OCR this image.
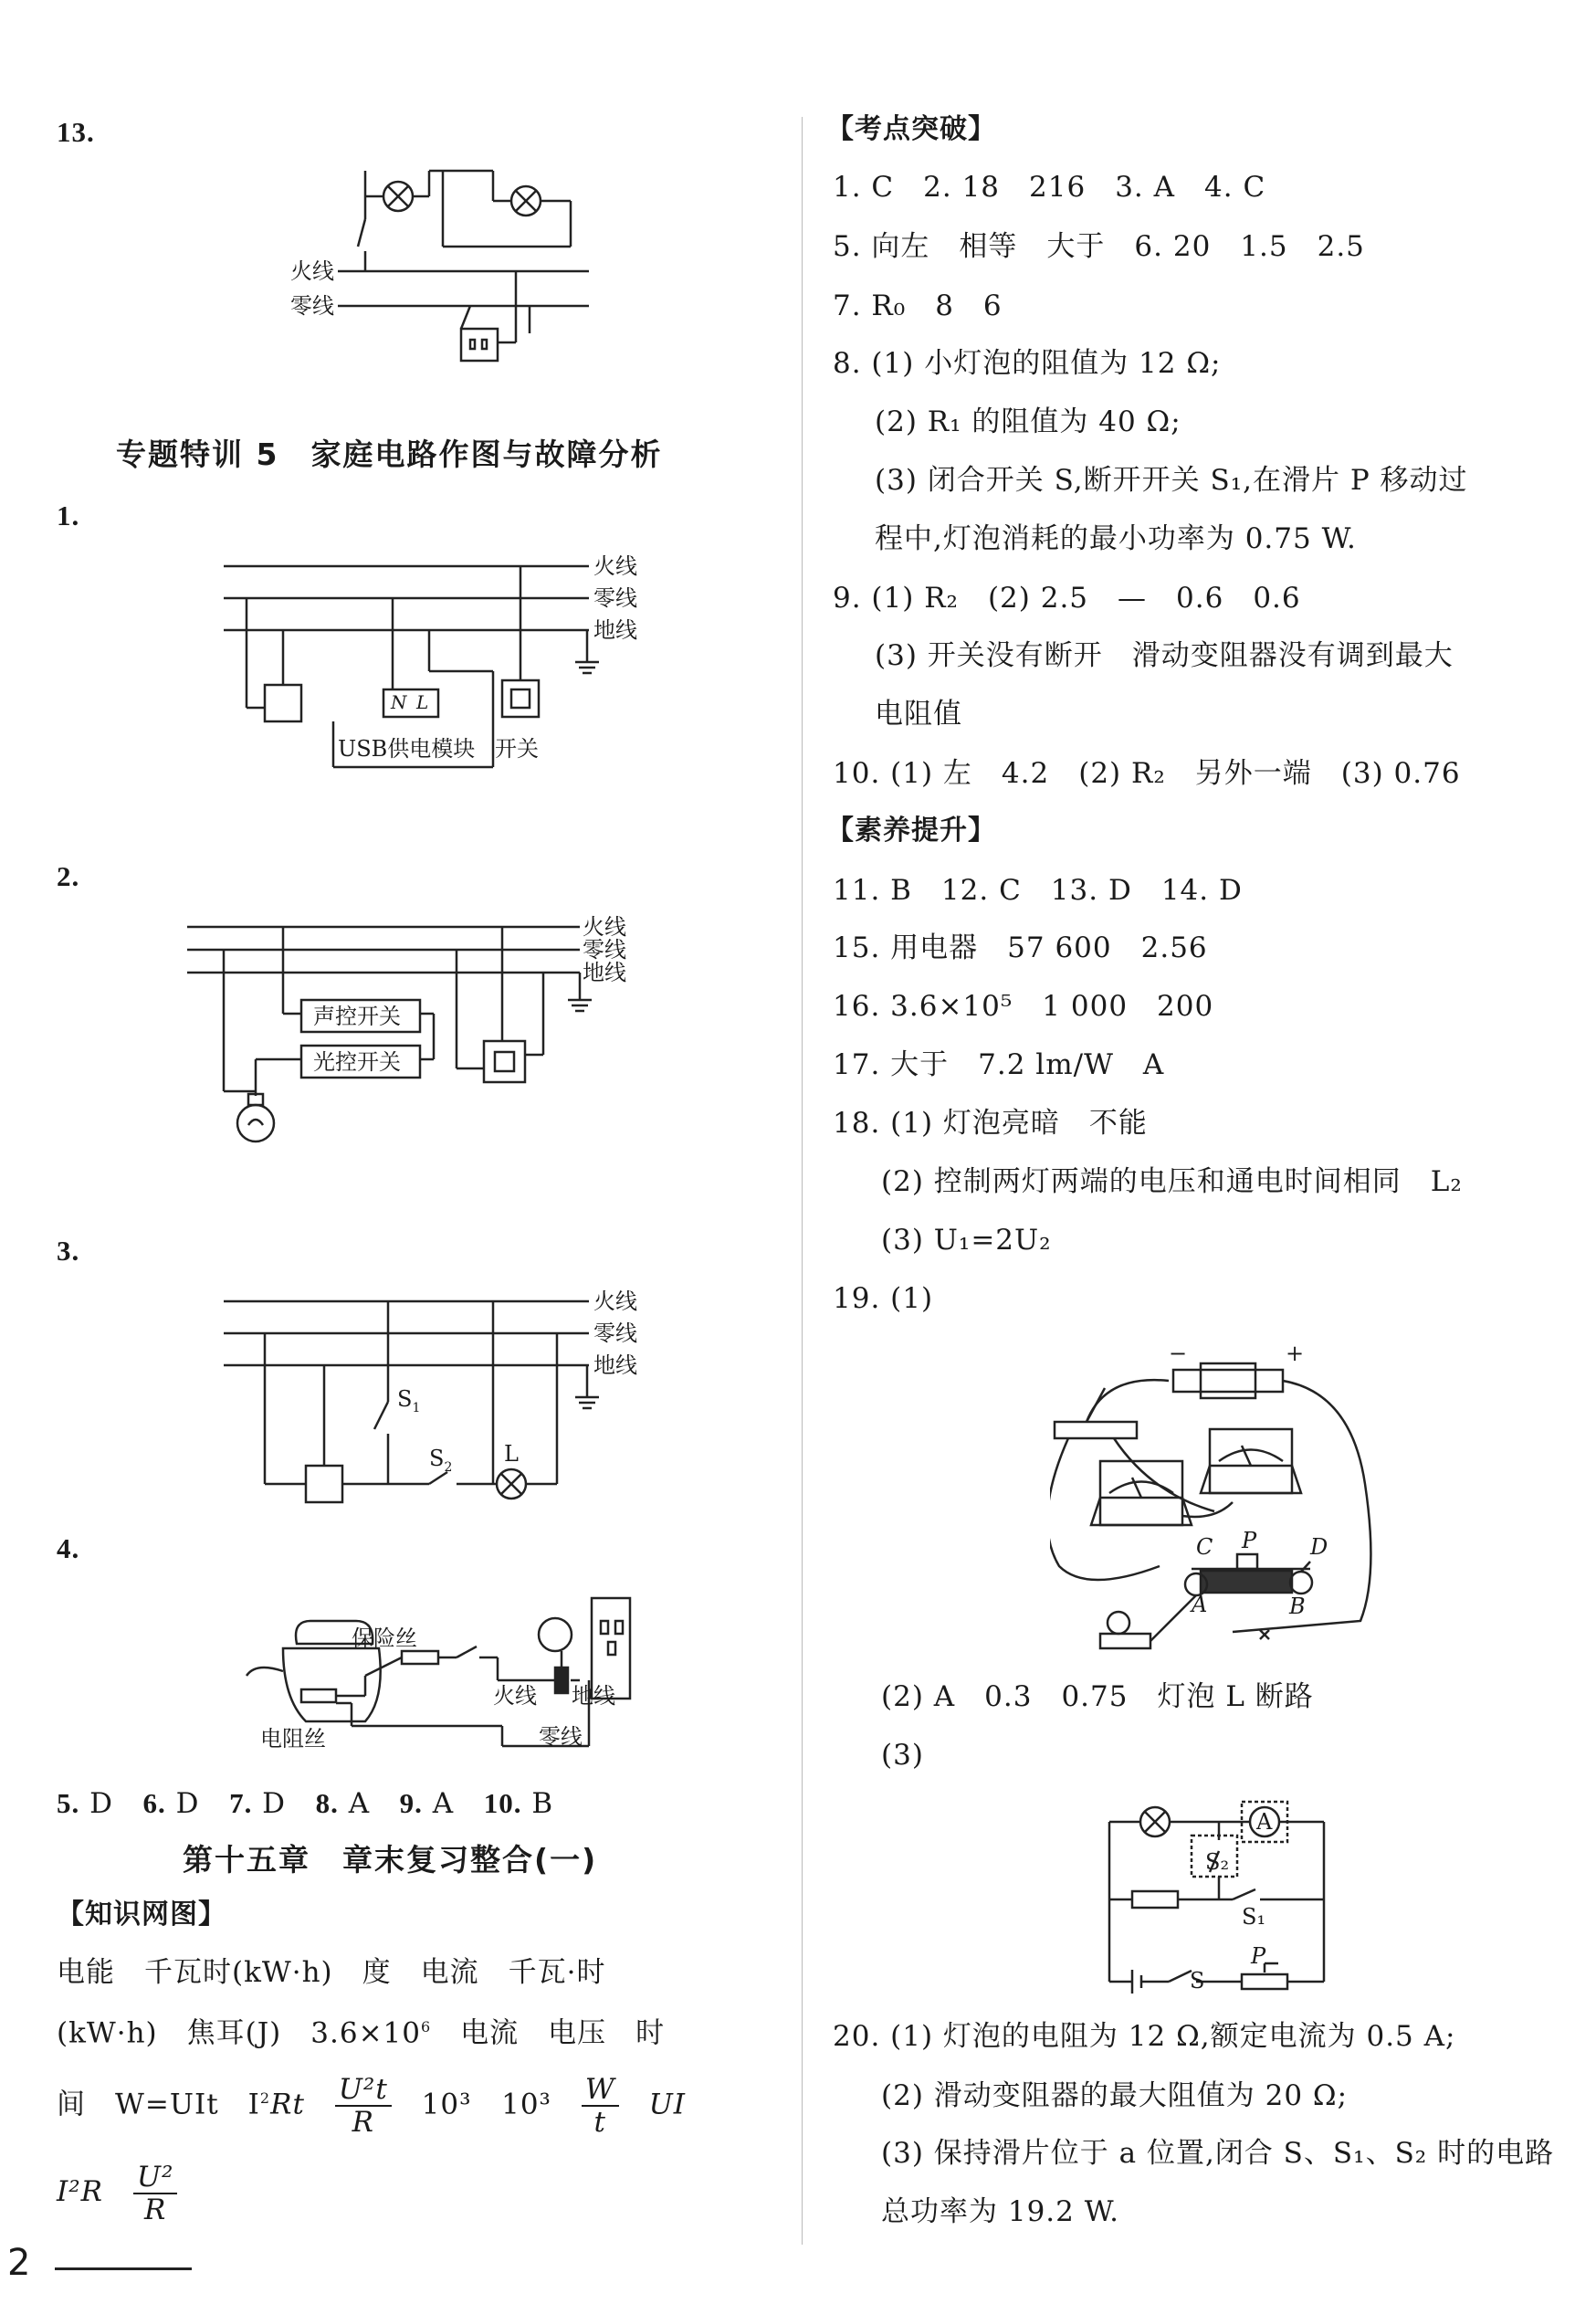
13.
火线
零线
专题特训 5　家庭电路作图与故障分析
1.
火线
零线
地线
N L
USB供电模块 开关
2.
火线
零线
地线
声控开关
光控开关
3.
火线
零线
地线
$S_1$
$S_2$
L
4.
保险丝
火线 地线
电阻丝	零线
5. D 6. D 7. D 8. A 9. A 10. B
第十五章　章末复习整合(一)
【知识网图】
电能　千瓦时(kW·h)　度　电流　千瓦·时
(kW·h)　焦耳(J)　$3.6\times 10^6$　电流　电压　时
间　W=UIt　$I^2Rt \frac{\text{U²t}}{R} 10^3$ $10^3 \frac{W}{t}$ UI
$I^2R \frac{\text{U²}}{R}$
【考点突破】
1. C　2. 18　216　3. A　4. C
5. 向左　相等　大于　6. 20　1.5　2.5
7. R₀　8　6
8. (1) 小灯泡的阻值为 12 Ω;
(2) R₁ 的阻值为 40 Ω;
(3) 闭合开关 S,断开开关 S₁,在滑片 P 移动过
程中,灯泡消耗的最小功率为 0.75 W.
9. (1) R₂　(2) 2.5　—　0.6　0.6
(3) 开关没有断开　滑动变阻器没有调到最大
电阻值
10. (1) 左　4.2　(2) R₂　另外一端　(3) 0.76
【素养提升】
11. B　12. C　13. D　14. D
15. 用电器　57 600　2.56
16. 3.6×10⁵　1 000　200
17. 大于　7.2 lm/W　A
18. (1) 灯泡亮暗　不能
(2) 控制两灯两端的电压和通电时间相同　L₂
(3) U₁=2U₂
19. (1)
−	+
C P D
A	B
(2) A　0.3　0.75　灯泡 L 断路
(3)
A
S₂
S₁
P
S
20. (1) 灯泡的电阻为 12 Ω,额定电流为 0.5 A;
(2) 滑动变阻器的最大阻值为 20 Ω;
(3) 保持滑片位于 a 位置,闭合 S、S₁、S₂ 时的电路
总功率为 19.2 W.
2
